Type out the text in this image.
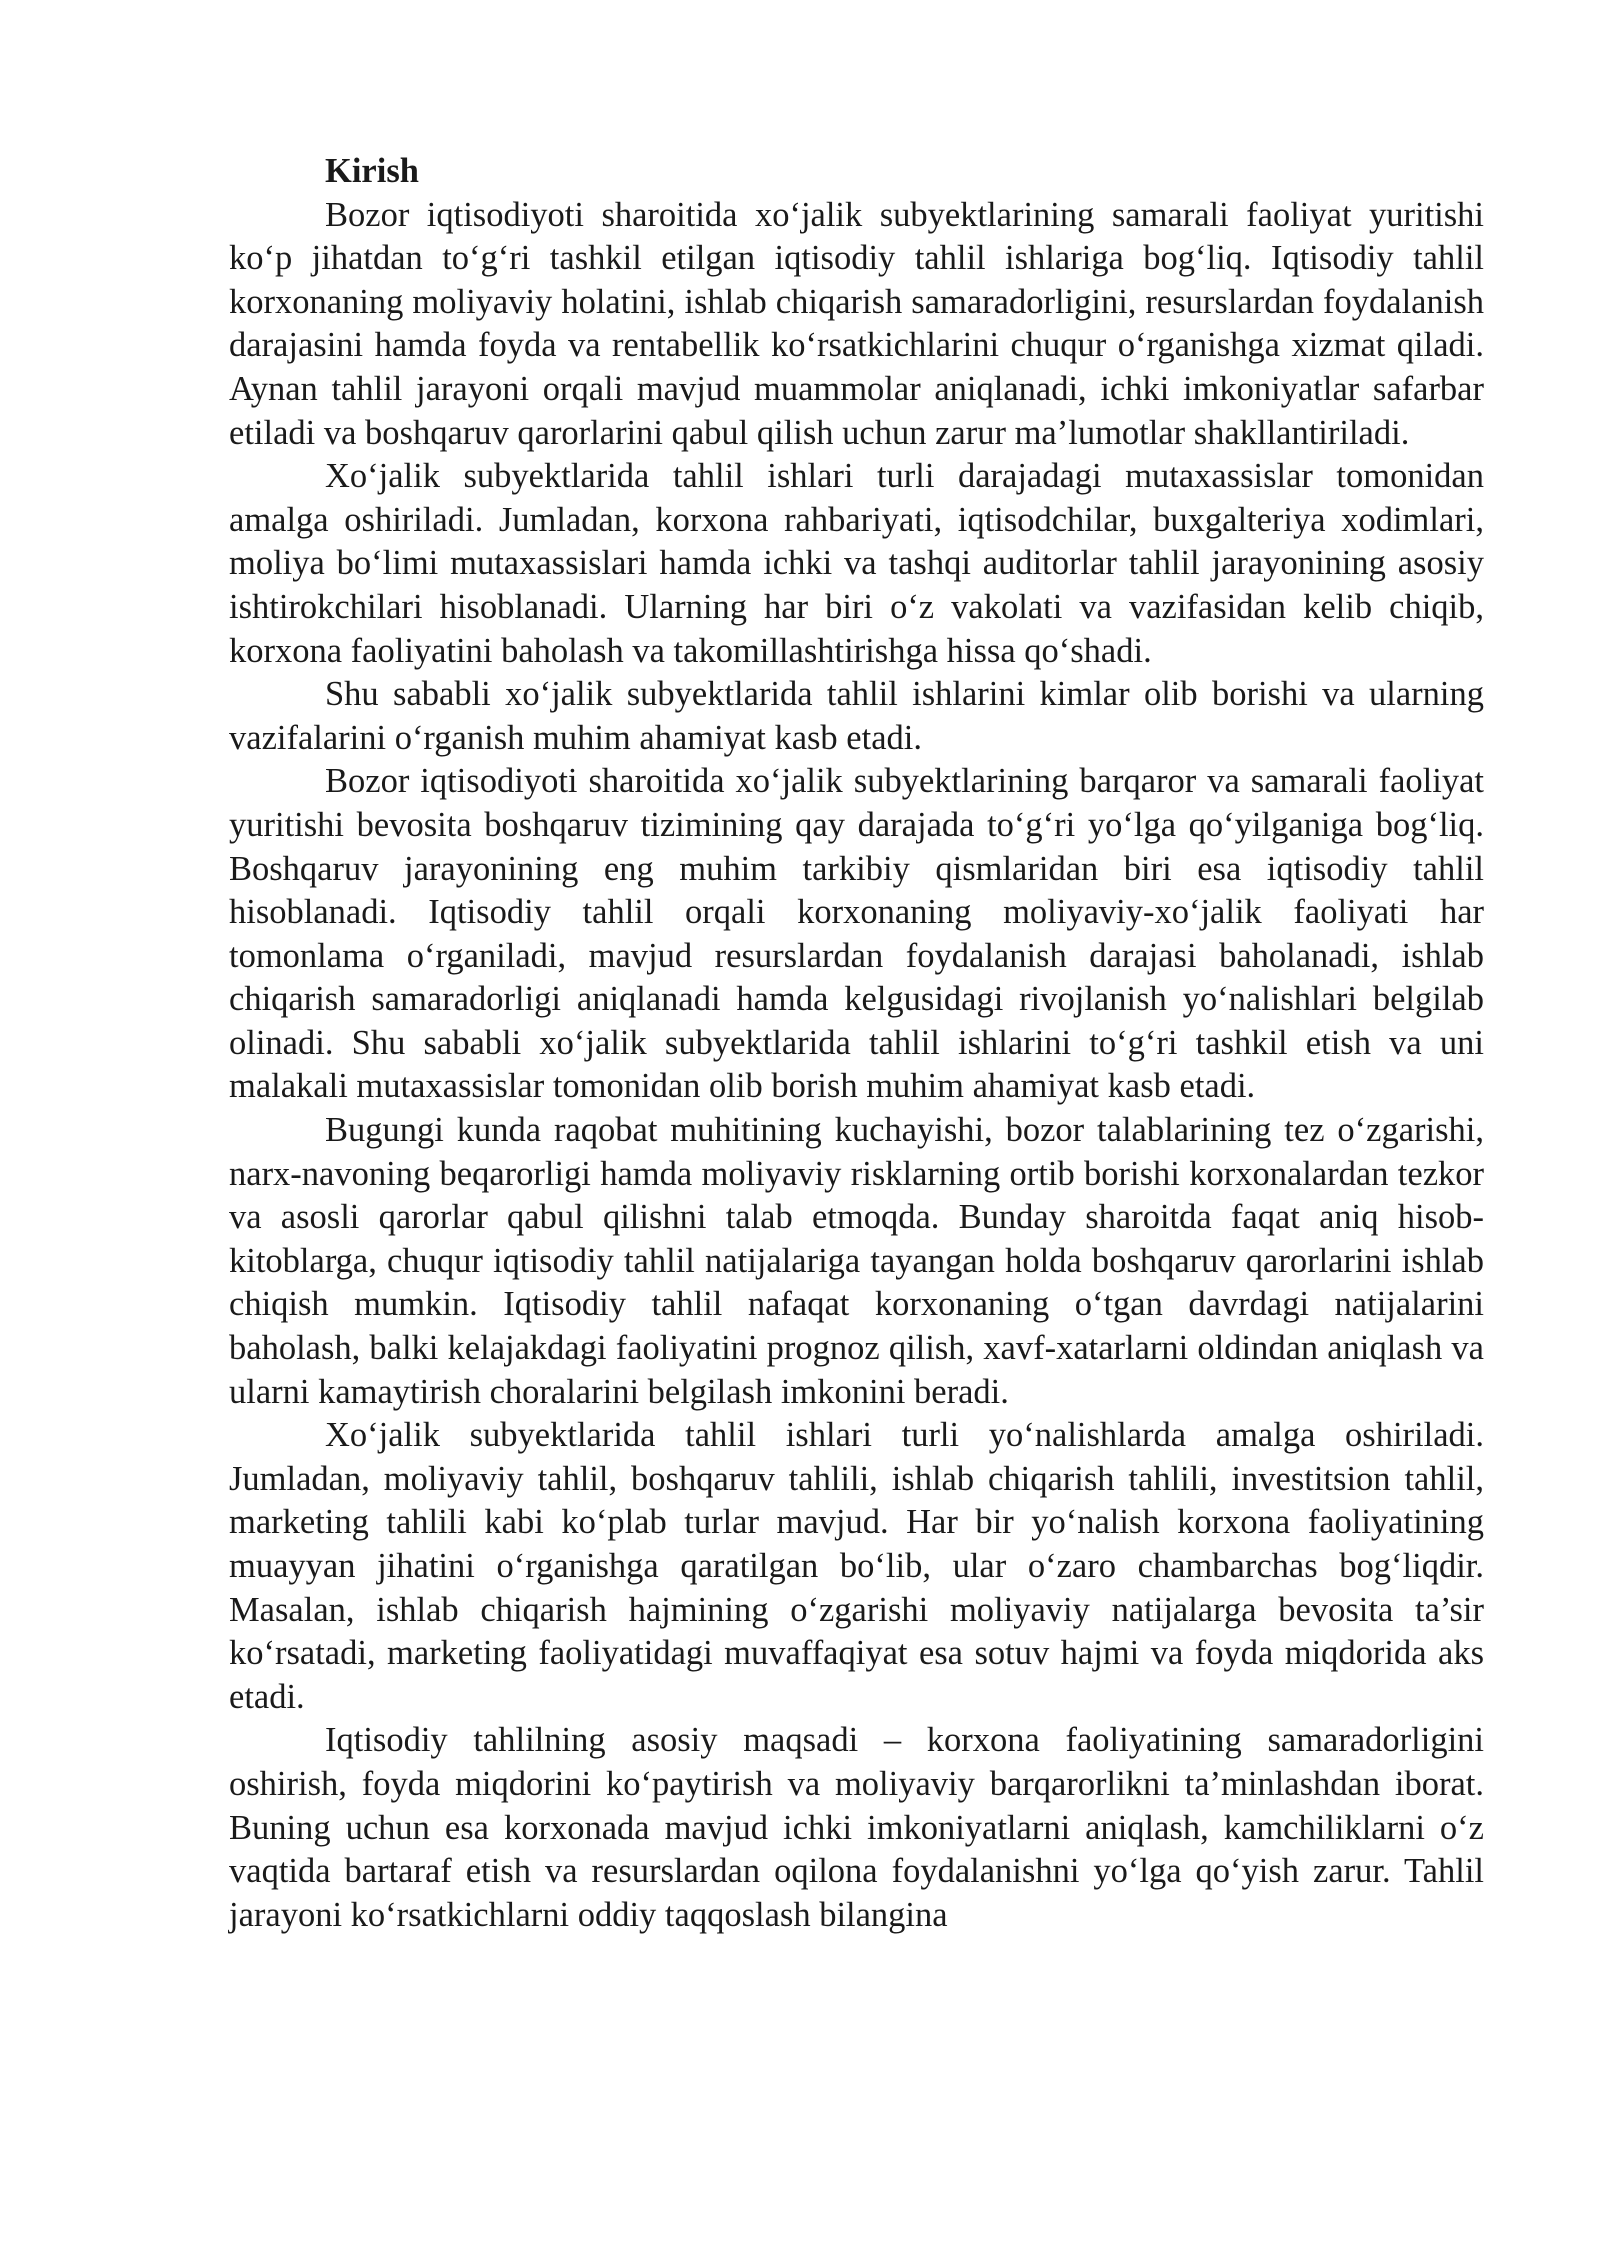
Kirish

Bozor iqtisodiyoti sharoitida xo‘jalik subyektlarining samarali faoliyat yuritishi ko‘p jihatdan to‘g‘ri tashkil etilgan iqtisodiy tahlil ishlariga bog‘liq. Iqtisodiy tahlil korxonaning moliyaviy holatini, ishlab chiqarish samaradorligini, resurslardan foydalanish darajasini hamda foyda va rentabellik ko‘rsatkichlarini chuqur o‘rganishga xizmat qiladi. Aynan tahlil jarayoni orqali mavjud muammolar aniqlanadi, ichki imkoniyatlar safarbar etiladi va boshqaruv qarorlarini qabul qilish uchun zarur ma’lumotlar shakllantiriladi.

Xo‘jalik subyektlarida tahlil ishlari turli darajadagi mutaxassislar tomonidan amalga oshiriladi. Jumladan, korxona rahbariyati, iqtisodchilar, buxgalteriya xodimlari, moliya bo‘limi mutaxassislari hamda ichki va tashqi auditorlar tahlil jarayonining asosiy ishtirokchilari hisoblanadi. Ularning har biri o‘z vakolati va vazifasidan kelib chiqib, korxona faoliyatini baholash va takomillashtirishga hissa qo‘shadi.

Shu sababli xo‘jalik subyektlarida tahlil ishlarini kimlar olib borishi va ularning vazifalarini o‘rganish muhim ahamiyat kasb etadi.

Bozor iqtisodiyoti sharoitida xo‘jalik subyektlarining barqaror va samarali faoliyat yuritishi bevosita boshqaruv tizimining qay darajada to‘g‘ri yo‘lga qo‘yilganiga bog‘liq. Boshqaruv jarayonining eng muhim tarkibiy qismlaridan biri esa iqtisodiy tahlil hisoblanadi. Iqtisodiy tahlil orqali korxonaning moliyaviy-xo‘jalik faoliyati har tomonlama o‘rganiladi, mavjud resurslardan foydalanish darajasi baholanadi, ishlab chiqarish samaradorligi aniqlanadi hamda kelgusidagi rivojlanish yo‘nalishlari belgilab olinadi. Shu sababli xo‘jalik subyektlarida tahlil ishlarini to‘g‘ri tashkil etish va uni malakali mutaxassislar tomonidan olib borish muhim ahamiyat kasb etadi.

Bugungi kunda raqobat muhitining kuchayishi, bozor talablarining tez o‘zgarishi, narx-navoning beqarorligi hamda moliyaviy risklarning ortib borishi korxonalardan tezkor va asosli qarorlar qabul qilishni talab etmoqda. Bunday sharoitda faqat aniq hisob-kitoblarga, chuqur iqtisodiy tahlil natijalariga tayangan holda boshqaruv qarorlarini ishlab chiqish mumkin. Iqtisodiy tahlil nafaqat korxonaning o‘tgan davrdagi natijalarini baholash, balki kelajakdagi faoliyatini prognoz qilish, xavf-xatarlarni oldindan aniqlash va ularni kamaytirish choralarini belgilash imkonini beradi.

Xo‘jalik subyektlarida tahlil ishlari turli yo‘nalishlarda amalga oshiriladi. Jumladan, moliyaviy tahlil, boshqaruv tahlili, ishlab chiqarish tahlili, investitsion tahlil, marketing tahlili kabi ko‘plab turlar mavjud. Har bir yo‘nalish korxona faoliyatining muayyan jihatini o‘rganishga qaratilgan bo‘lib, ular o‘zaro chambarchas bog‘liqdir. Masalan, ishlab chiqarish hajmining o‘zgarishi moliyaviy natijalarga bevosita ta’sir ko‘rsatadi, marketing faoliyatidagi muvaffaqiyat esa sotuv hajmi va foyda miqdorida aks etadi.

Iqtisodiy tahlilning asosiy maqsadi – korxona faoliyatining samaradorligini oshirish, foyda miqdorini ko‘paytirish va moliyaviy barqarorlikni ta’minlashdan iborat. Buning uchun esa korxonada mavjud ichki imkoniyatlarni aniqlash, kamchiliklarni o‘z vaqtida bartaraf etish va resurslardan oqilona foydalanishni yo‘lga qo‘yish zarur. Tahlil jarayoni ko‘rsatkichlarni oddiy taqqoslash bilangina
